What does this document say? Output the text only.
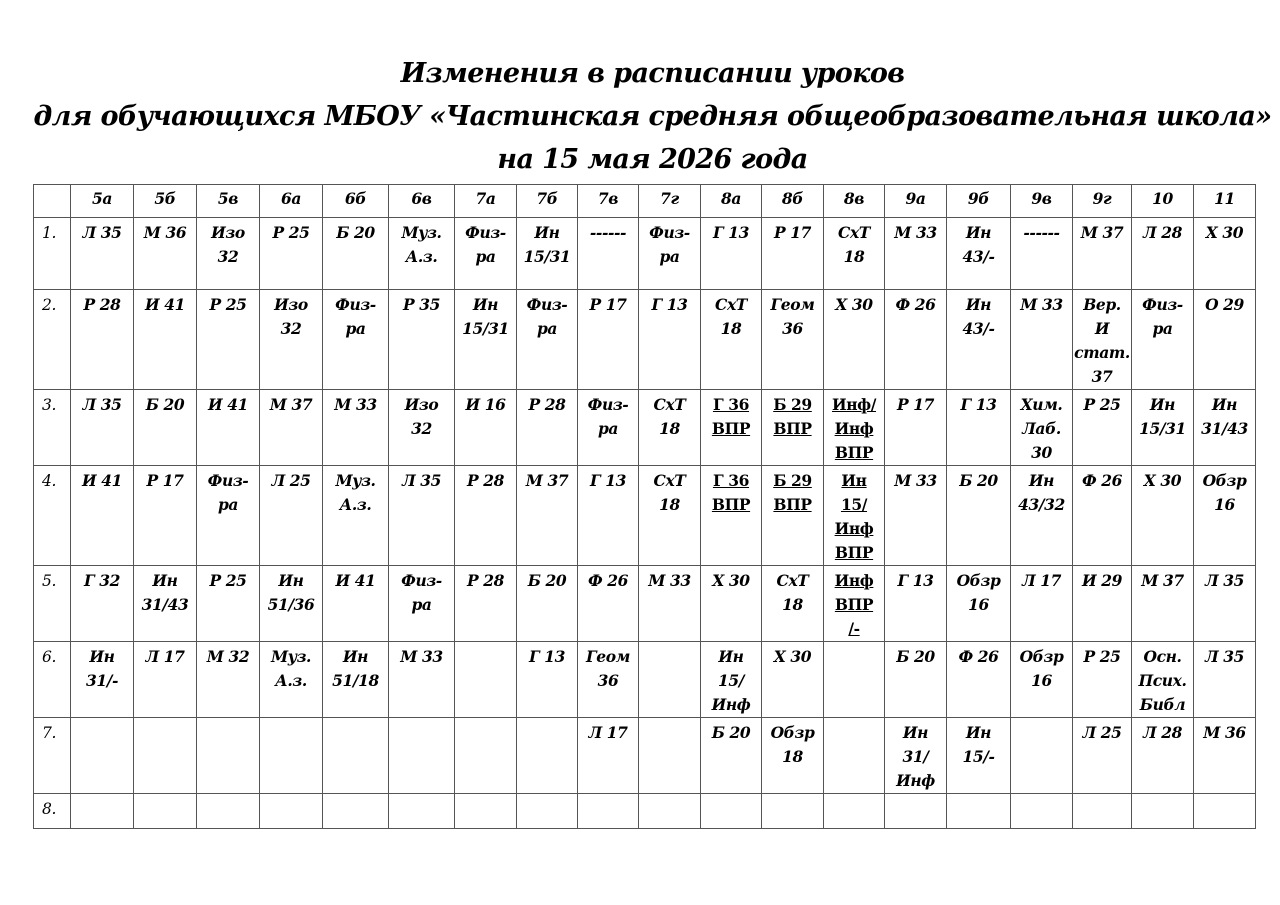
Изменения в расписании уроков
для обучающихся МБОУ «Частинская средняя общеобразовательная школа»
на 15 мая 2026 года
	5а	5б	5в	6а	6б	6в	7а	7б	7в	7г	8а	8б	8в	9а	9б	9в	9г	10	11
1.	Л 35	М 36	Изо
32	Р 25	Б 20	Муз.
А.з.	Физ-
ра	Ин
15/31	------	Физ-
ра	Г 13	Р 17	СхТ
18	М 33	Ин
43/-	------	М 37	Л 28	Х 30

2.	Р 28	И 41	Р 25	Изо
32	Физ-
ра	Р 35	Ин
15/31	Физ-
ра	Р 17	Г 13	СхТ
18	Геом
36	Х 30	Ф 26	Ин
43/-	М 33	Вер.
И
стат.
37	Физ-
ра	О 29

3.	Л 35	Б 20	И 41	М 37	М 33	Изо
32	И 16	Р 28	Физ-
ра	СхТ
18	Г 36
ВПР	Б 29
ВПР	Инф/
Инф
ВПР	Р 17	Г 13	Хим.
Лаб.
30	Р 25	Ин
15/31	Ин
31/43

4.	И 41	Р 17	Физ-
ра	Л 25	Муз.
А.з.	Л 35	Р 28	М 37	Г 13	СхТ
18	Г 36
ВПР	Б 29
ВПР	Ин
15/
Инф
ВПР	М 33	Б 20	Ин
43/32	Ф 26	Х 30	Обзр
16

5.	Г 32	Ин
31/43	Р 25	Ин
51/36	И 41	Физ-
ра	Р 28	Б 20	Ф 26	М 33	Х 30	СхТ
18	Инф
ВПР
/-	Г 13	Обзр
16	Л 17	И 29	М 37	Л 35

6.	Ин
31/-	Л 17	М 32	Муз.
А.з.	Ин
51/18	М 33		Г 13	Геом
36		Ин
15/
Инф	Х 30		Б 20	Ф 26	Обзр
16	Р 25	Осн.
Псих.
Библ	Л 35

7.									Л 17		Б 20	Обзр
18		Ин
31/
Инф	Ин
15/-		Л 25	Л 28	М 36

8.																			
